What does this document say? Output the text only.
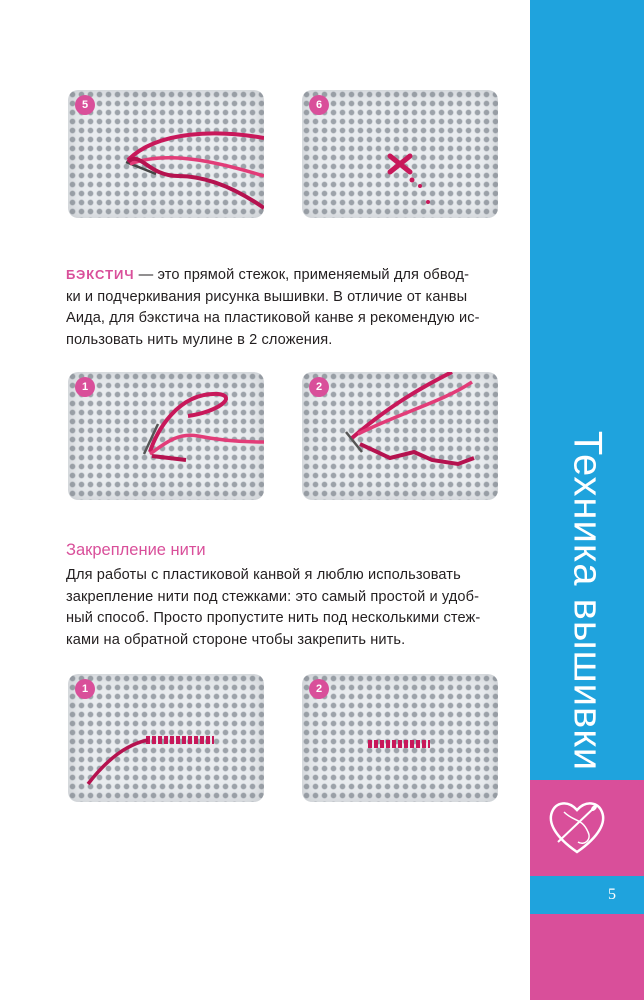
5	6
БЭКСТИЧ — это прямой стежок, применяемый для обвод-
ки и подчеркивания рисунка вышивки. В отличие от канвы
Аида, для бэкстича на пластиковой канве я рекомендую ис-
пользовать нить мулине в 2 сложения.
1	2
Закрепление нити
Для работы с пластиковой канвой я люблю использовать
закрепление нити под стежками: это самый простой и удоб-
ный способ. Просто пропустите нить под несколькими стеж-
ками на обратной стороне чтобы закрепить нить.
1	2	Техника вышивки
5
